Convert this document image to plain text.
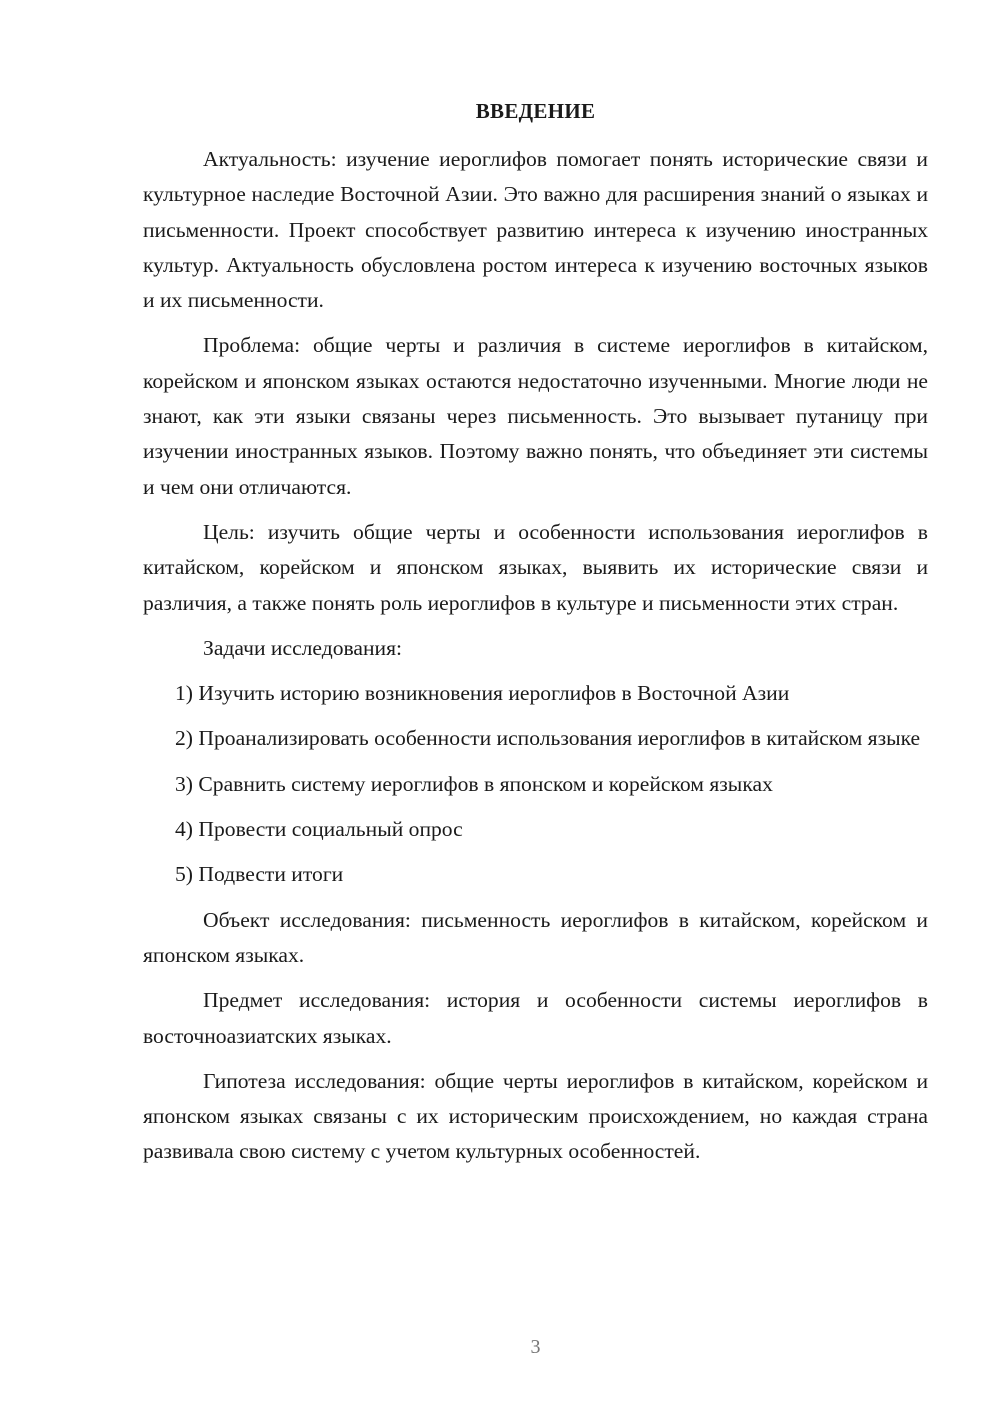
ВВЕДЕНИЕ

Актуальность: изучение иероглифов помогает понять исторические связи и культурное наследие Восточной Азии. Это важно для расширения знаний о языках и письменности. Проект способствует развитию интереса к изучению иностранных культур. Актуальность обусловлена ростом интереса к изучению восточных языков и их письменности.

Проблема: общие черты и различия в системе иероглифов в китайском, корейском и японском языках остаются недостаточно изученными. Многие люди не знают, как эти языки связаны через письменность. Это вызывает путаницу при изучении иностранных языков. Поэтому важно понять, что объединяет эти системы и чем они отличаются.

Цель: изучить общие черты и особенности использования иероглифов в китайском, корейском и японском языках, выявить их исторические связи и различия, а также понять роль иероглифов в культуре и письменности этих стран.

Задачи исследования:

1) Изучить историю возникновения иероглифов в Восточной Азии

2) Проанализировать особенности использования иероглифов в китайском языке

3) Сравнить систему иероглифов в японском и корейском языках

4) Провести социальный опрос

5) Подвести итоги

Объект исследования: письменность иероглифов в китайском, корейском и японском языках.

Предмет исследования: история и особенности системы иероглифов в восточноазиатских языках.

Гипотеза исследования: общие черты иероглифов в китайском, корейском и японском языках связаны с их историческим происхождением, но каждая страна развивала свою систему с учетом культурных особенностей.

3
